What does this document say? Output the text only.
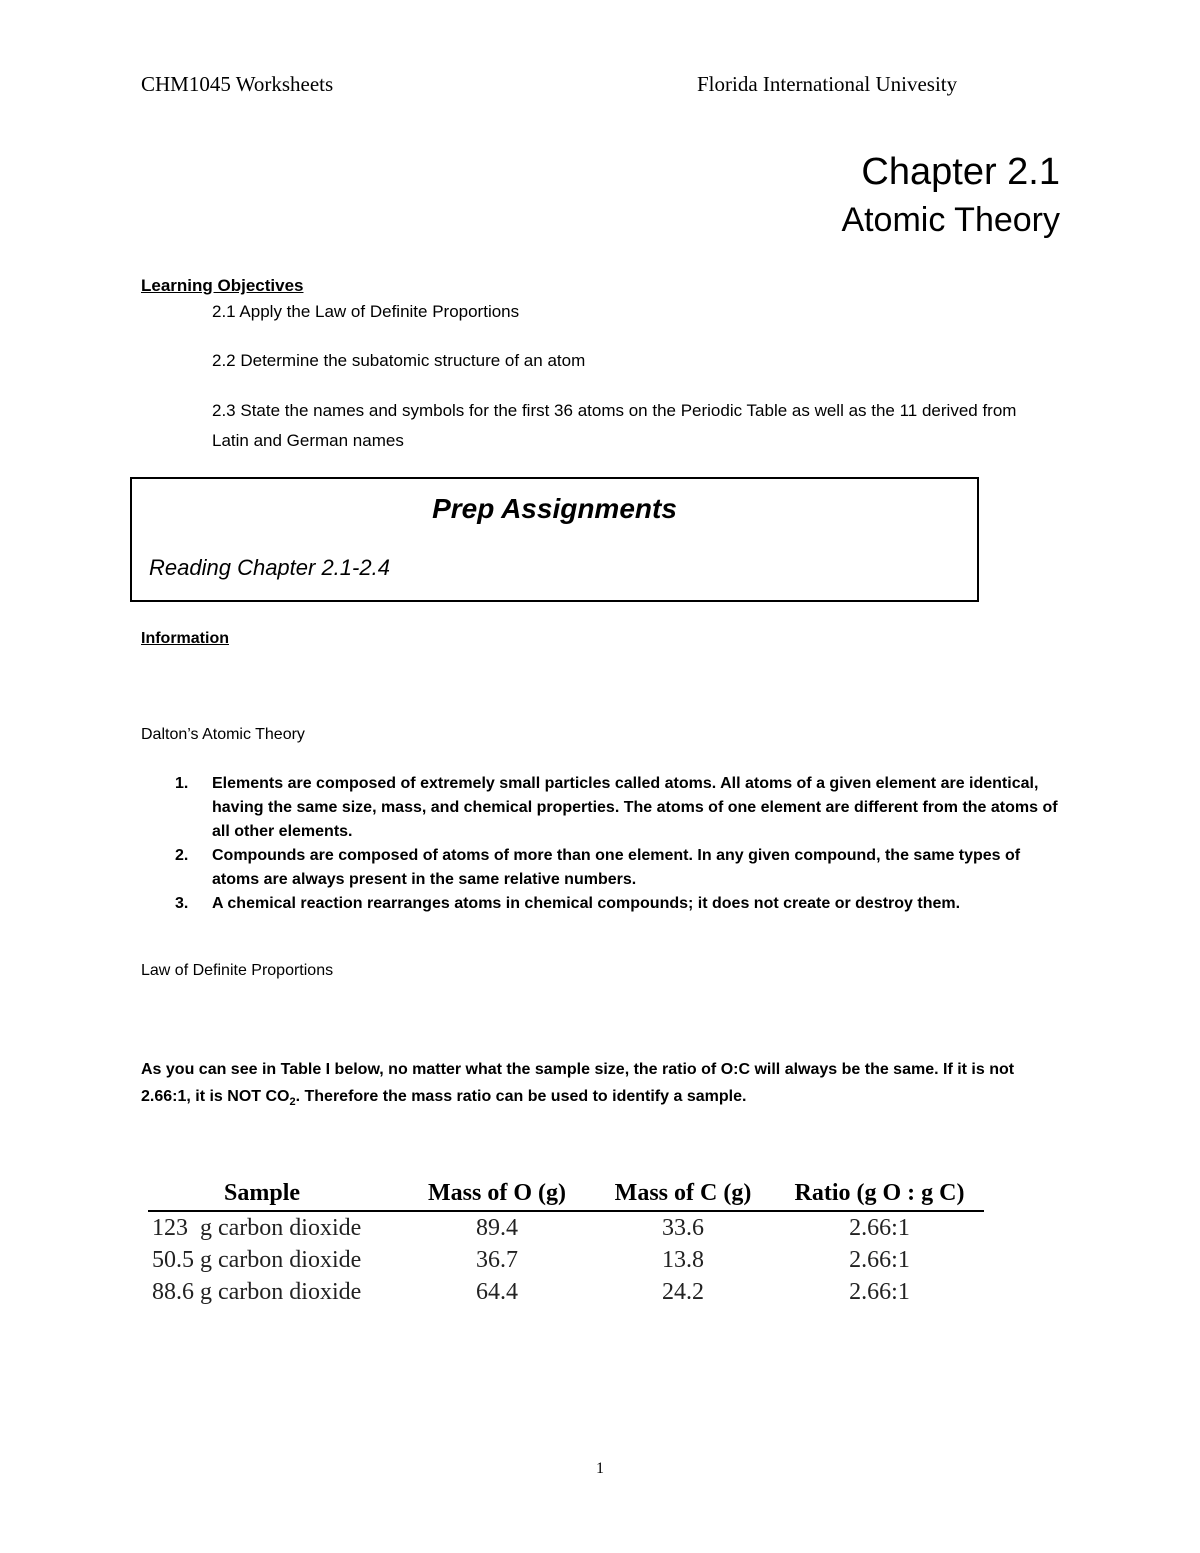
CHM1045 Worksheets	Florida International Univesity
Chapter 2.1
Atomic Theory
Learning Objectives
2.1 Apply the Law of Definite Proportions
2.2 Determine the subatomic structure of an atom
2.3 State the names and symbols for the first 36 atoms on the Periodic Table as well as the 11 derived from Latin and German names
Prep Assignments
Reading Chapter 2.1-2.4
Information
Dalton’s Atomic Theory
1. Elements are composed of extremely small particles called atoms. All atoms of a given element are identical, having the same size, mass, and chemical properties. The atoms of one element are different from the atoms of all other elements.
2. Compounds are composed of atoms of more than one element. In any given compound, the same types of atoms are always present in the same relative numbers.
3. A chemical reaction rearranges atoms in chemical compounds; it does not create or destroy them.
Law of Definite Proportions
As you can see in Table I below, no matter what the sample size, the ratio of O:C will always be the same. If it is not 2.66:1, it is NOT $CO_2$. Therefore the mass ratio can be used to identify a sample.
Sample	Mass of O (g)	Mass of C (g)	Ratio (g O : g C)
123  g carbon dioxide	89.4	33.6	2.66:1
50.5 g carbon dioxide	36.7	13.8	2.66:1
88.6 g carbon dioxide	64.4	24.2	2.66:1
1
